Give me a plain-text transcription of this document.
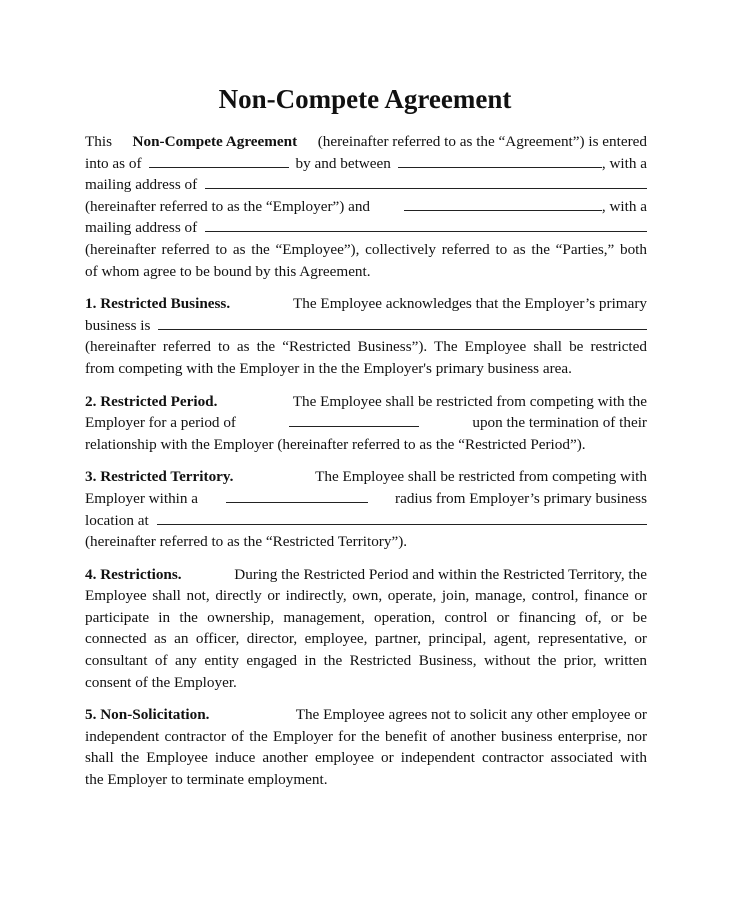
Non-Compete Agreement
This Non-Compete Agreement (hereinafter referred to as the “Agreement”) is entered
into as of	by and between	, with a
mailing address of
(hereinafter referred to as the “Employer”) and	, with a
mailing address of
(hereinafter referred to as the “Employee”), collectively referred to as the “Parties,” both
of whom agree to be bound by this Agreement.
1. Restricted Business.	The Employee acknowledges that the Employer’s primary
business is
(hereinafter referred to as the “Restricted Business”). The Employee shall be restricted
from competing with the Employer in the the Employer's primary business area.
2. Restricted Period.	The Employee shall be restricted from competing with the
Employer for a period of	upon the termination of their
relationship with the Employer (hereinafter referred to as the “Restricted Period”).
3. Restricted Territory.	The Employee shall be restricted from competing with
Employer within a	radius from Employer’s primary business
location at
(hereinafter referred to as the “Restricted Territory”).
4. Restrictions.	During the Restricted Period and within the Restricted Territory, the
Employee shall not, directly or indirectly, own, operate, join, manage, control, finance or
participate in the ownership, management, operation, control or financing of, or be
connected as an officer, director, employee, partner, principal, agent, representative, or
consultant of any entity engaged in the Restricted Business, without the prior, written
consent of the Employer.
5. Non-Solicitation.	The Employee agrees not to solicit any other employee or
independent contractor of the Employer for the benefit of another business enterprise, nor
shall the Employee induce another employee or independent contractor associated with
the Employer to terminate employment.
